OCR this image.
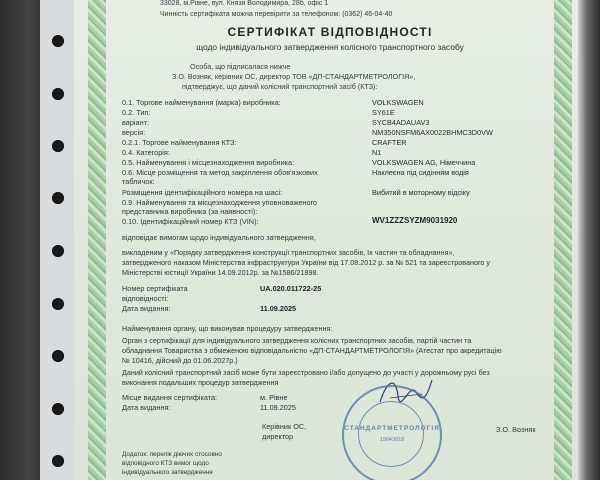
33028, м.Рівне, вул. Князя Володимира, 28б, офіс 1
Чинність сертифіката можна перевірити за телефоном: (0362) 46-04-40
СЕРТИФІКАТ ВІДПОВІДНОСТІ
щодо індивідуального затвердження колісного транспортного засобу
Особа, що підписалася нижче
З.О. Возняк, керівник ОС, директор ТОВ «ДП-СТАНДАРТМЕТРОЛОГІЯ»,
підтверджує, що даний колісний транспортний засіб (КТЗ):
0.1. Торгове найменування (марка) виробника:	VOLKSWAGEN
0.2. Тип:	SY61E
варіант:	SYCB4ADAUAV3
версія:	NM350NSFM6AX0022BHMC3D0VW
0.2.1. Торгове найменування КТЗ:	CRAFTER
0.4. Категорія:	N1
0.5. Найменування і місцезнаходження виробника:	VOLKSWAGEN AG, Німеччина
0.6. Місце розміщення та метод закріплення обов'язкових	Наклеєна під сидінням водія
табличок:
Розміщення ідентифікаційного номера на шасі:	Вибитий в моторному відсіку
0.9. Найменування та місцезнаходження уповноваженого
представника виробника (за наявності):
0.10. Ідентифікаційний номер КТЗ (VIN):	WV1ZZZSYZM9031920
відповідає вимогам щодо індивідуального затвердження,
викладеним у «Порядку затвердження конструкції транспортних засобів, їх частин та обладнання»,
затвердженого наказом Міністерства інфраструктури України від 17.08.2012 р. за № 521 та зареєстрованого у
Міністерстві юстиції України 14.09.2012р. за №1586/21898.
Номер сертифіката	UA.020.011722-25
відповідності:
Дата видання:	11.09.2025
Найменування органу, що виконував процедуру затвердження:
Орган з сертифікації для індивідуального затвердження колісних транспортних засобів, партій частин та
обладнання Товариства з обмеженою відповідальністю «ДП-СТАНДАРТМЕТРОЛОГІЯ» (Атестат про акредитацію
№ 10416, дійсний до 01.06.2027р.)
Даний колісний транспортний засіб може бути зареєстровано і/або допущено до участі у дорожньому русі без
виконання подальших процедур затвердження
Місце видання сертифіката:	м. Рівне
Дата видання:	11.09.2025
Керівник ОС,
директор
З.О. Возняк
Додаток: перелік діючих стосовно
відповідного КТЗ вимог щодо
індивідуального затвердження
СТАНДАРТМЕТРОЛОГІЯ
19843818
